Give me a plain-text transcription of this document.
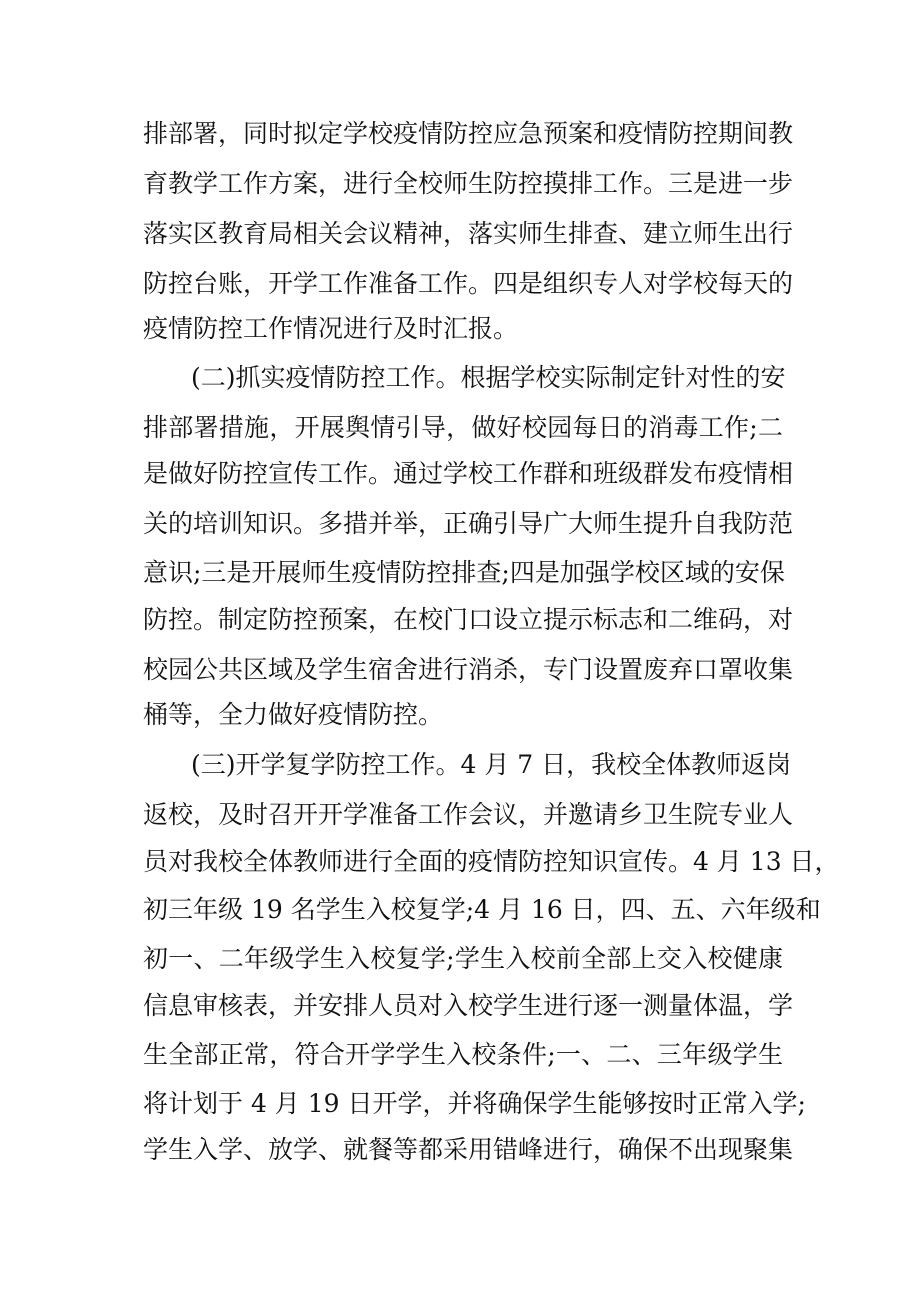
排部署，同时拟定学校疫情防控应急预案和疫情防控期间教
育教学工作方案，进行全校师生防控摸排工作。三是进一步
落实区教育局相关会议精神，落实师生排查、建立师生出行
防控台账，开学工作准备工作。四是组织专人对学校每天的
疫情防控工作情况进行及时汇报。
(二)抓实疫情防控工作。根据学校实际制定针对性的安
排部署措施，开展舆情引导，做好校园每日的消毒工作;二
是做好防控宣传工作。通过学校工作群和班级群发布疫情相
关的培训知识。多措并举，正确引导广大师生提升自我防范
意识;三是开展师生疫情防控排查;四是加强学校区域的安保
防控。制定防控预案，在校门口设立提示标志和二维码，对
校园公共区域及学生宿舍进行消杀，专门设置废弃口罩收集
桶等，全力做好疫情防控。
(三)开学复学防控工作。4 月 7 日，我校全体教师返岗
返校，及时召开开学准备工作会议，并邀请乡卫生院专业人
员对我校全体教师进行全面的疫情防控知识宣传。4 月 13 日，
初三年级 19 名学生入校复学;4 月 16 日，四、五、六年级和
初一、二年级学生入校复学;学生入校前全部上交入校健康
信息审核表，并安排人员对入校学生进行逐一测量体温，学
生全部正常，符合开学学生入校条件;一、二、三年级学生
将计划于 4 月 19 日开学，并将确保学生能够按时正常入学;
学生入学、放学、就餐等都采用错峰进行，确保不出现聚集
